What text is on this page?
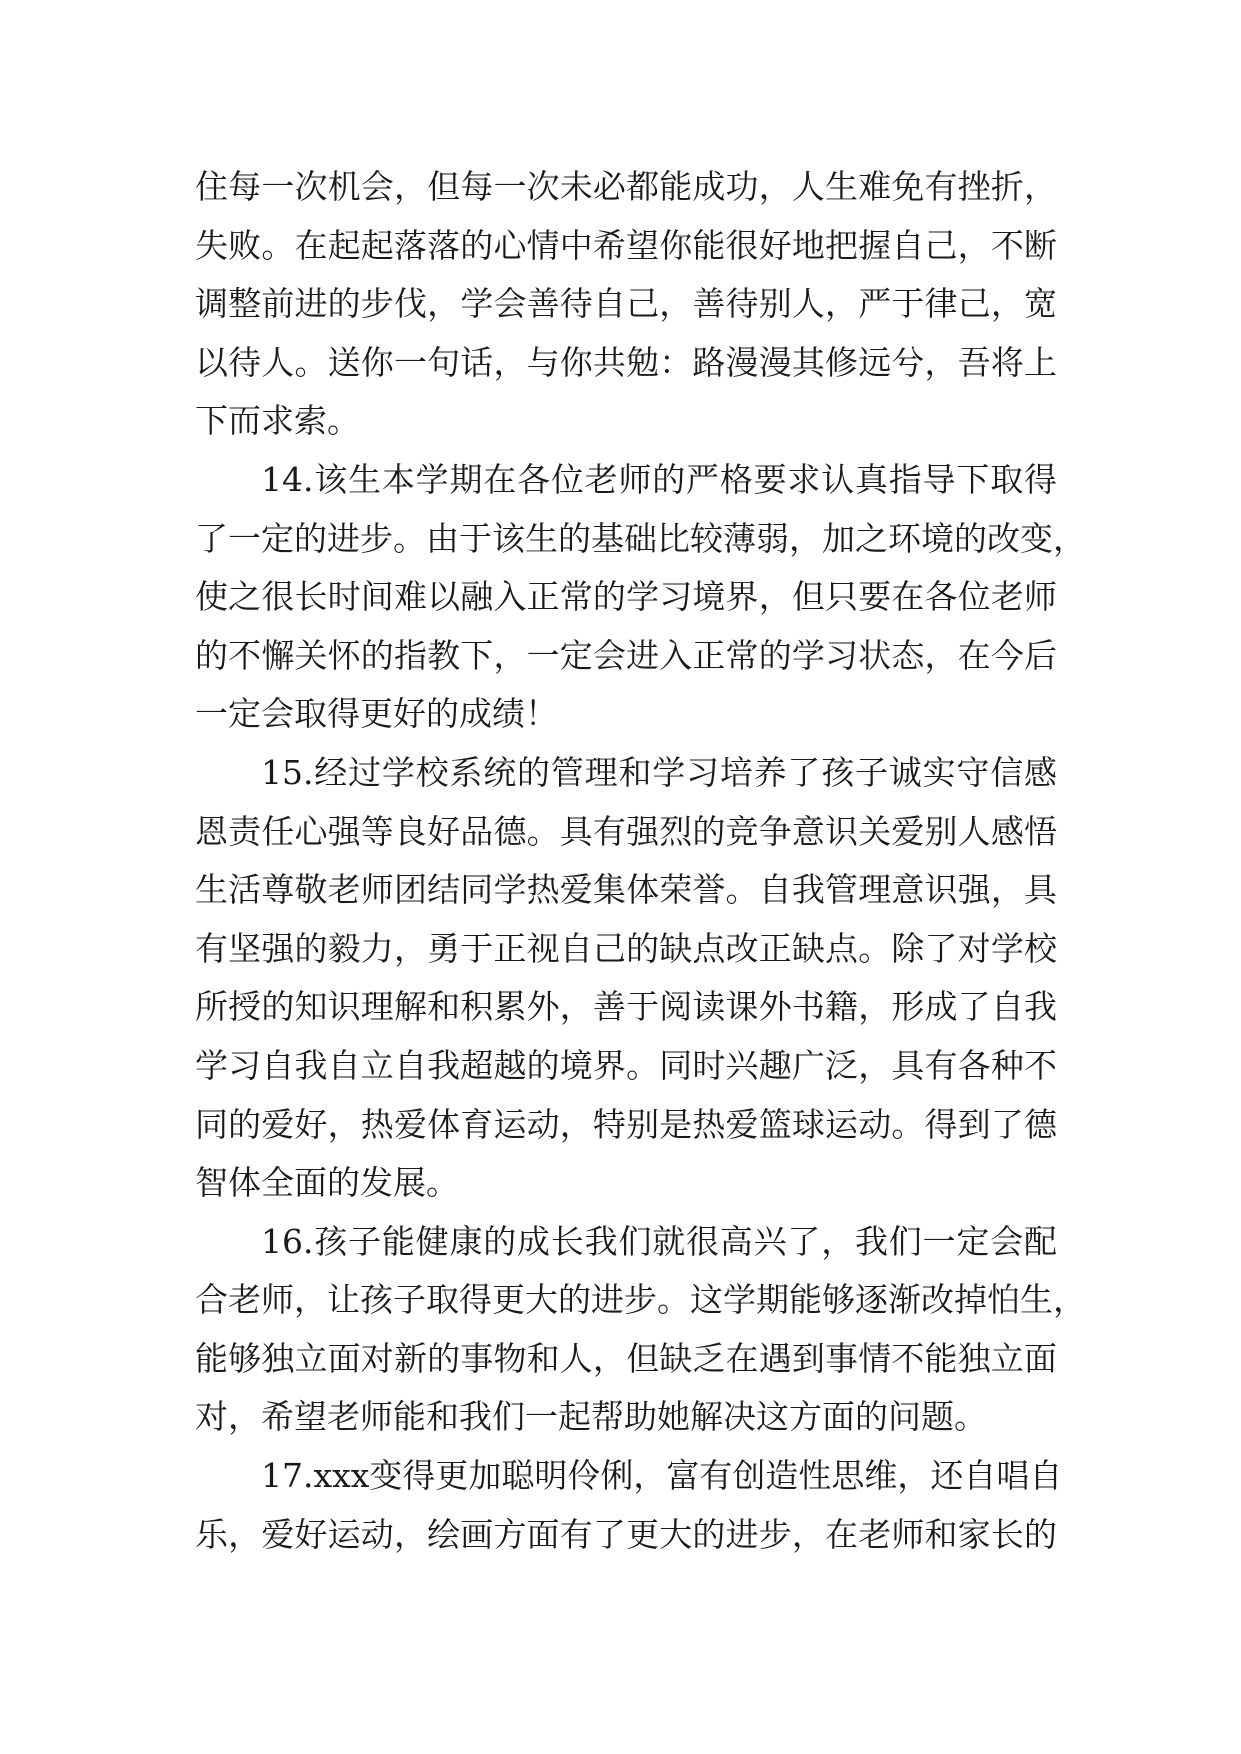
住每一次机会，但每一次未必都能成功，人生难免有挫折，
失败。在起起落落的心情中希望你能很好地把握自己，不断
调整前进的步伐，学会善待自己，善待别人，严于律己，宽
以待人。送你一句话，与你共勉：路漫漫其修远兮，吾将上
下而求索。
14.该生本学期在各位老师的严格要求认真指导下取得
了一定的进步。由于该生的基础比较薄弱，加之环境的改变，
使之很长时间难以融入正常的学习境界，但只要在各位老师
的不懈关怀的指教下，一定会进入正常的学习状态，在今后
一定会取得更好的成绩！
15.经过学校系统的管理和学习培养了孩子诚实守信感
恩责任心强等良好品德。具有强烈的竞争意识关爱别人感悟
生活尊敬老师团结同学热爱集体荣誉。自我管理意识强，具
有坚强的毅力，勇于正视自己的缺点改正缺点。除了对学校
所授的知识理解和积累外，善于阅读课外书籍，形成了自我
学习自我自立自我超越的境界。同时兴趣广泛，具有各种不
同的爱好，热爱体育运动，特别是热爱篮球运动。得到了德
智体全面的发展。
16.孩子能健康的成长我们就很高兴了，我们一定会配
合老师，让孩子取得更大的进步。这学期能够逐渐改掉怕生，
能够独立面对新的事物和人，但缺乏在遇到事情不能独立面
对，希望老师能和我们一起帮助她解决这方面的问题。
17.xxx变得更加聪明伶俐，富有创造性思维，还自唱自
乐，爱好运动，绘画方面有了更大的进步，在老师和家长的
